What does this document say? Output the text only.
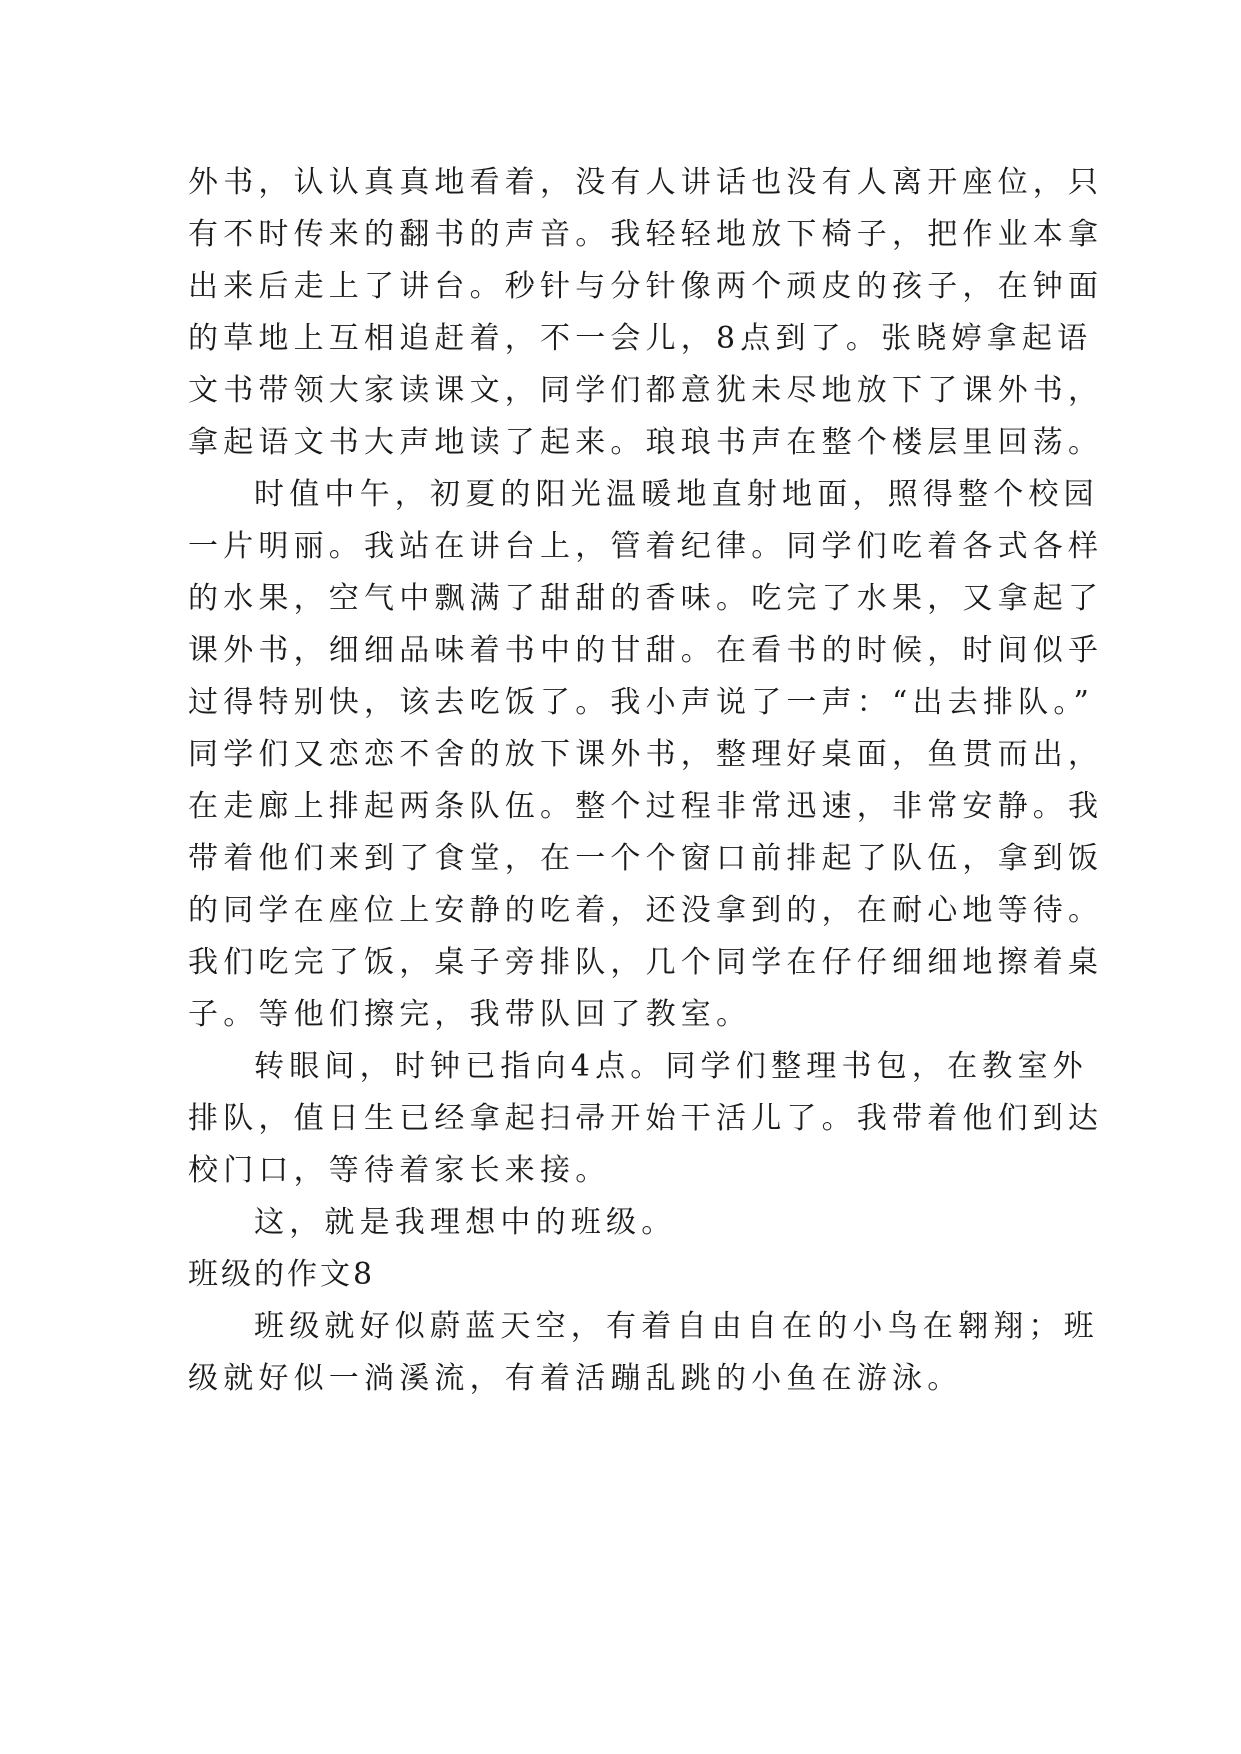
外书，认认真真地看着，没有人讲话也没有人离开座位，只
有不时传来的翻书的声音。我轻轻地放下椅子，把作业本拿
出来后走上了讲台。秒针与分针像两个顽皮的孩子，在钟面
的草地上互相追赶着，不一会儿，8点到了。张晓婷拿起语
文书带领大家读课文，同学们都意犹未尽地放下了课外书，
拿起语文书大声地读了起来。琅琅书声在整个楼层里回荡。
时值中午，初夏的阳光温暖地直射地面，照得整个校园
一片明丽。我站在讲台上，管着纪律。同学们吃着各式各样
的水果，空气中飘满了甜甜的香味。吃完了水果，又拿起了
课外书，细细品味着书中的甘甜。在看书的时候，时间似乎
过得特别快，该去吃饭了。我小声说了一声：“出去排队。”
同学们又恋恋不舍的放下课外书，整理好桌面，鱼贯而出，
在走廊上排起两条队伍。整个过程非常迅速，非常安静。我
带着他们来到了食堂，在一个个窗口前排起了队伍，拿到饭
的同学在座位上安静的吃着，还没拿到的，在耐心地等待。
我们吃完了饭，桌子旁排队，几个同学在仔仔细细地擦着桌
子。等他们擦完，我带队回了教室。
转眼间，时钟已指向4点。同学们整理书包，在教室外
排队，值日生已经拿起扫帚开始干活儿了。我带着他们到达
校门口，等待着家长来接。
这，就是我理想中的班级。
班级的作文8
班级就好似蔚蓝天空，有着自由自在的小鸟在翱翔；班
级就好似一淌溪流，有着活蹦乱跳的小鱼在游泳。
